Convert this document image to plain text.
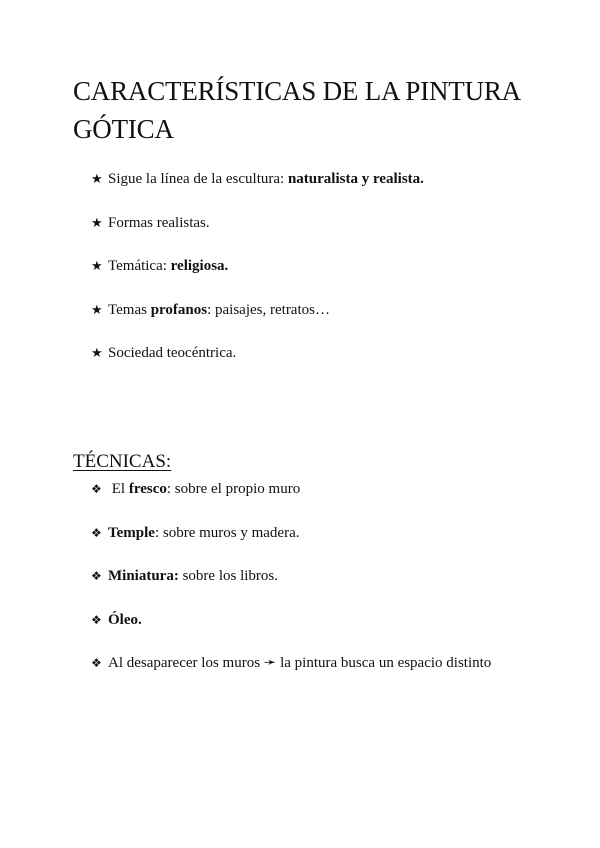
CARACTERÍSTICAS DE LA PINTURA GÓTICA
★ Sigue la línea de la escultura: naturalista y realista.
★ Formas realistas.
★ Temática: religiosa.
★ Temas profanos: paisajes, retratos…
★ Sociedad teocéntrica.
TÉCNICAS:
❖ El fresco: sobre el propio muro
❖ Temple: sobre muros y madera.
❖ Miniatura: sobre los libros.
❖ Óleo.
❖ Al desaparecer los muros ➛ la pintura busca un espacio distinto
